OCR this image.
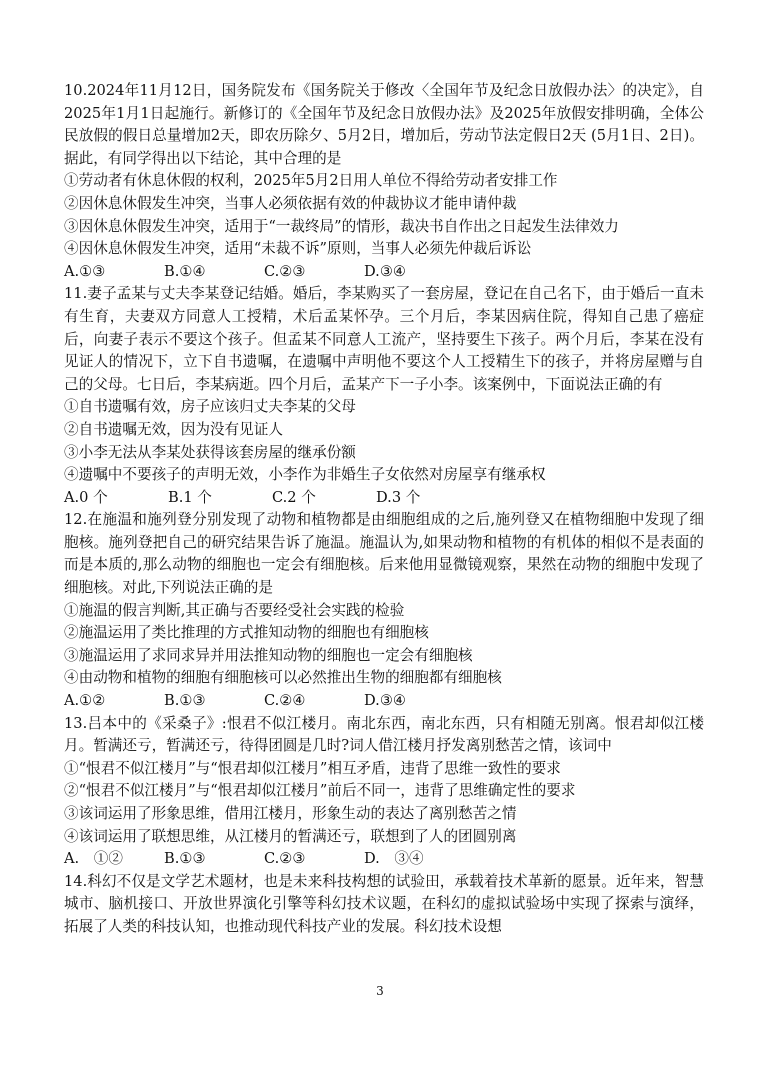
10.2024年11月12日，国务院发布《国务院关于修改〈全国年节及纪念日放假办法〉的决定》，自2025年1月1日起施行。新修订的《全国年节及纪念日放假办法》及2025年放假安排明确，全体公民放假的假日总量增加2天，即农历除夕、5月2日，增加后，劳动节法定假日2天 (5月1日、2日)。据此，有同学得出以下结论，其中合理的是
①劳动者有休息休假的权利，2025年5月2日用人单位不得给劳动者安排工作
②因休息休假发生冲突，当事人必须依据有效的仲裁协议才能申请仲裁
③因休息休假发生冲突，适用于“一裁终局”的情形，裁决书自作出之日起发生法律效力
④因休息休假发生冲突，适用“未裁不诉”原则，当事人必须先仲裁后诉讼
A.①③	B.①④	C.②③	D.③④
11.妻子孟某与丈夫李某登记结婚。婚后，李某购买了一套房屋，登记在自己名下，由于婚后一直未有生育，夫妻双方同意人工授精，术后孟某怀孕。三个月后，李某因病住院，得知自己患了癌症后，向妻子表示不要这个孩子。但孟某不同意人工流产，坚持要生下孩子。两个月后，李某在没有见证人的情况下，立下自书遗嘱，在遗嘱中声明他不要这个人工授精生下的孩子，并将房屋赠与自己的父母。七日后，李某病逝。四个月后，孟某产下一子小李。该案例中，下面说法正确的有
①自书遗嘱有效，房子应该归丈夫李某的父母
②自书遗嘱无效，因为没有见证人
③小李无法从李某处获得该套房屋的继承份额
④遗嘱中不要孩子的声明无效，小李作为非婚生子女依然对房屋享有继承权
A.0 个	B.1 个	C.2 个	D.3 个
12.在施温和施列登分别发现了动物和植物都是由细胞组成的之后,施列登又在植物细胞中发现了细胞核。施列登把自己的研究结果告诉了施温。施温认为,如果动物和植物的有机体的相似不是表面的而是本质的,那么动物的细胞也一定会有细胞核。后来他用显微镜观察，果然在动物的细胞中发现了细胞核。对此,下列说法正确的是
①施温的假言判断,其正确与否要经受社会实践的检验
②施温运用了类比推理的方式推知动物的细胞也有细胞核
③施温运用了求同求异并用法推知动物的细胞也一定会有细胞核
④由动物和植物的细胞有细胞核可以必然推出生物的细胞都有细胞核
A.①②	B.①③	C.②④	D.③④
13.吕本中的《采桑子》:恨君不似江楼月。南北东西，南北东西，只有相随无别离。恨君却似江楼月。暂满还亏，暂满还亏，待得团圆是几时?词人借江楼月抒发离别愁苦之情，该词中
①“恨君不似江楼月”与“恨君却似江楼月”相互矛盾，违背了思维一致性的要求
②“恨君不似江楼月”与“恨君却似江楼月”前后不同一，违背了思维确定性的要求
③该词运用了形象思维，借用江楼月，形象生动的表达了离别愁苦之情
④该词运用了联想思维，从江楼月的暂满还亏，联想到了人的团圆别离
A.　①②	B.①③	C.②③	D.　③④
14.科幻不仅是文学艺术题材，也是未来科技构想的试验田，承载着技术革新的愿景。近年来，智慧城市、脑机接口、开放世界演化引擎等科幻技术议题，在科幻的虚拟试验场中实现了探索与演绎，拓展了人类的科技认知，也推动现代科技产业的发展。科幻技术设想
3
